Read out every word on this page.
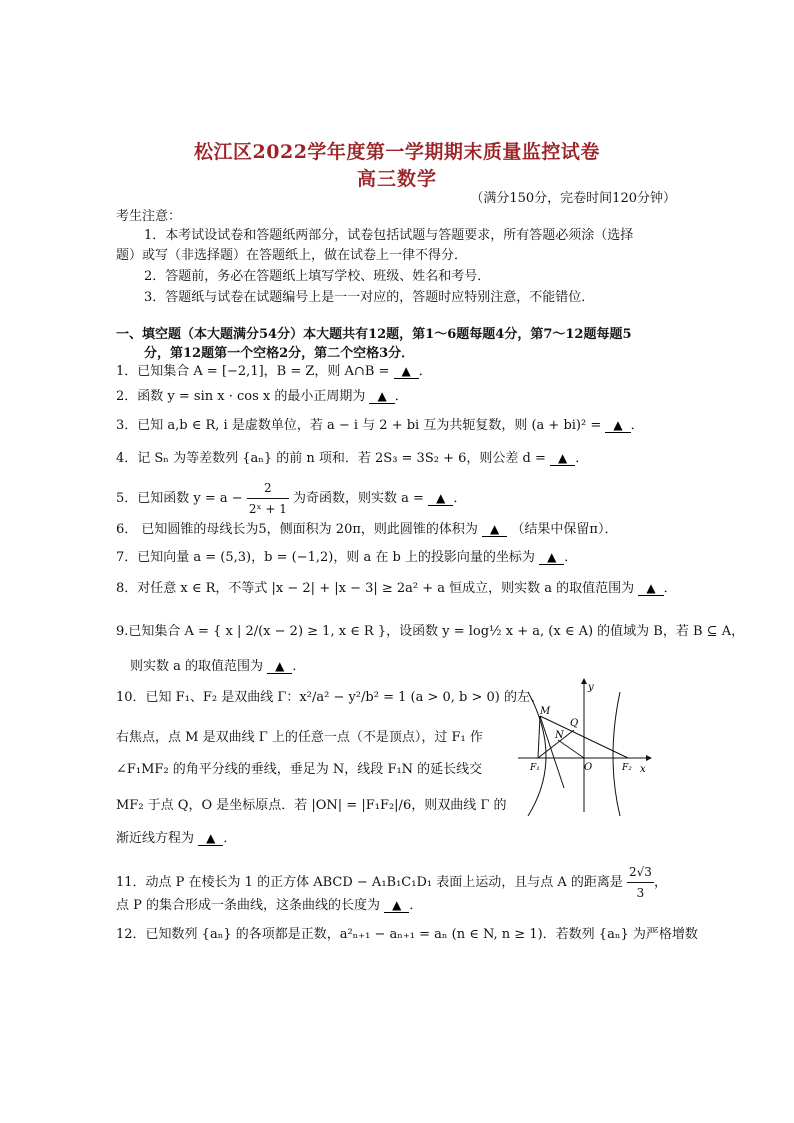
松江区2022学年度第一学期期末质量监控试卷
高三数学
（满分150分，完卷时间120分钟）
考生注意：
1．本考试设试卷和答题纸两部分，试卷包括试题与答题要求，所有答题必须涂（选择
题）或写（非选择题）在答题纸上，做在试卷上一律不得分．
2．答题前，务必在答题纸上填写学校、班级、姓名和考号．
3．答题纸与试卷在试题编号上是一一对应的，答题时应特别注意，不能错位．
一、填空题（本大题满分54分）本大题共有12题，第1～6题每题4分，第7～12题每题5
分，第12题第一个空格2分，第二个空格3分．
1．已知集合 A = [−2,1]，B = Z，则 A∩B = ▲ ．
2．函数 y = sin x · cos x 的最小正周期为 ▲ ．
3．已知 a,b ∈ R, i 是虚数单位，若 a − i 与 2 + bi 互为共轭复数，则 (a + bi)² = ▲ ．
4．记 Sₙ 为等差数列 {aₙ} 的前 n 项和．若 2S₃ = 3S₂ + 6，则公差 d = ▲ ．
5．已知函数 $y = a - \frac{2}{\text{2ˣ + 1}}$ 为奇函数，则实数 a = ▲ ．
6． 已知圆锥的母线长为5，侧面积为 20π，则此圆锥的体积为 ▲ （结果中保留π）．
7．已知向量 a = (5,3)，b = (−1,2)，则 a 在 b 上的投影向量的坐标为 ▲ ．
8．对任意 x ∈ R，不等式 |x − 2| + |x − 3| ≥ 2a² + a 恒成立，则实数 a 的取值范围为 ▲ ．
9.已知集合 A = { x | 2/(x − 2) ≥ 1, x ∈ R }，设函数 y = log½ x + a, (x ∈ A) 的值域为 B，若 B ⊆ A，
则实数 a 的取值范围为 ▲ ．
10．已知 F₁、F₂ 是双曲线 Γ：x²/a² − y²/b² = 1 (a > 0, b > 0) 的左、
右焦点，点 M 是双曲线 Γ 上的任意一点（不是顶点），过 F₁ 作
∠F₁MF₂ 的角平分线的垂线，垂足为 N，线段 F₁N 的延长线交
MF₂ 于点 Q，O 是坐标原点．若 |ON| = |F₁F₂|/6，则双曲线 Γ 的
渐近线方程为 ▲ ．
y
x
M
Q
N
F₁	O	F₂
11．动点 P 在棱长为 1 的正方体 ABCD − A₁B₁C₁D₁ 表面上运动，且与点 A 的距离是 $\frac{2√3}{3}$ ，
点 P 的集合形成一条曲线，这条曲线的长度为 ▲ ．
12．已知数列 {aₙ} 的各项都是正数，a²ₙ₊₁ − aₙ₊₁ = aₙ (n ∈ N, n ≥ 1)．若数列 {aₙ} 为严格增数
